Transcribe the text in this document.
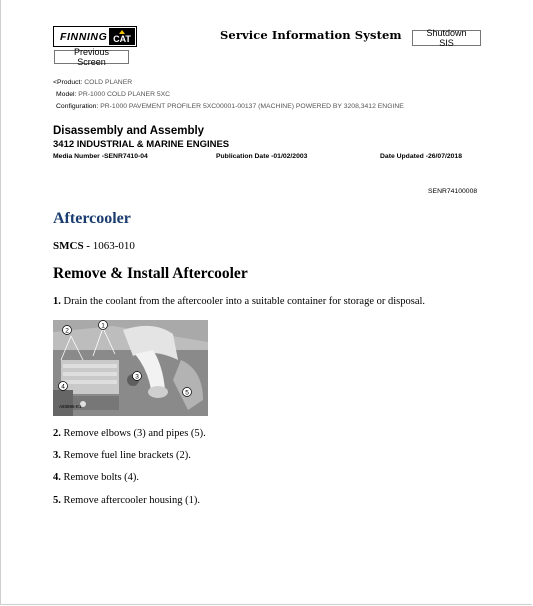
FINNING CAT	Service Information System	Shutdown SIS
Previous Screen
<Product: COLD PLANER
Model: PR-1000 COLD PLANER 5XC
Configuration: PR-1000 PAVEMENT PROFILER 5XC00001-00137 (MACHINE) POWERED BY 3208,3412 ENGINE
Disassembly and Assembly
3412 INDUSTRIAL & MARINE ENGINES
Media Number -SENR7410-04	Publication Date -01/02/2003	Date Updated -26/07/2018
SENR74100008
Aftercooler
SMCS - 1063-010
Remove & Install Aftercooler
1. Drain the coolant from the aftercooler into a suitable container for storage or disposal.
2
1
3
4
5
A93696-E1
2. Remove elbows (3) and pipes (5).
3. Remove fuel line brackets (2).
4. Remove bolts (4).
5. Remove aftercooler housing (1).
